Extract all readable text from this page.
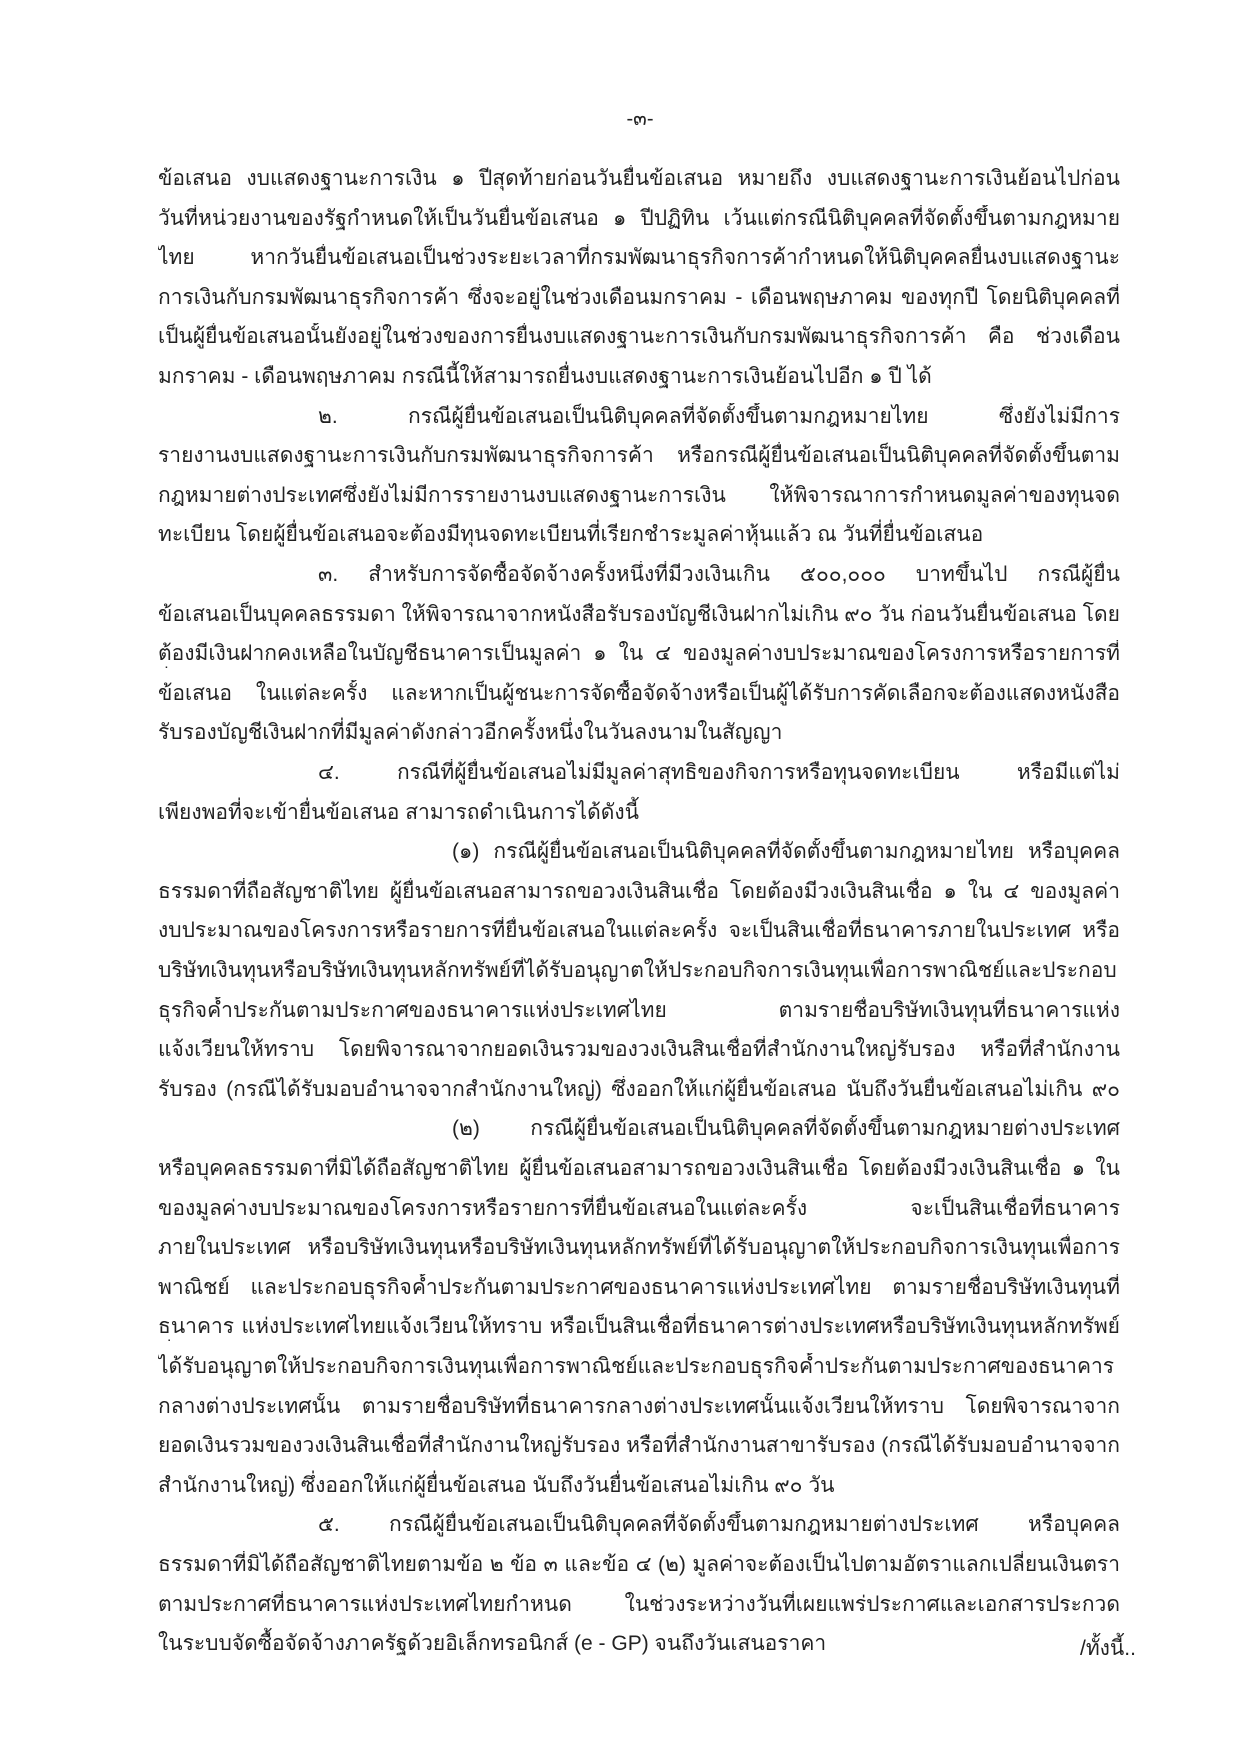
-๓-
ข้อเสนอ งบแสดงฐานะการเงิน ๑ ปีสุดท้ายก่อนวันยื่นข้อเสนอ หมายถึง งบแสดงฐานะการเงินย้อนไปก่อน
วันที่หน่วยงานของรัฐกำหนดให้เป็นวันยื่นข้อเสนอ ๑ ปีปฏิทิน เว้นแต่กรณีนิติบุคคลที่จัดตั้งขึ้นตามกฎหมาย
ไทย หากวันยื่นข้อเสนอเป็นช่วงระยะเวลาที่กรมพัฒนาธุรกิจการค้ากำหนดให้นิติบุคคลยื่นงบแสดงฐานะ
การเงินกับกรมพัฒนาธุรกิจการค้า ซึ่งจะอยู่ในช่วงเดือนมกราคม - เดือนพฤษภาคม ของทุกปี โดยนิติบุคคลที่
เป็นผู้ยื่นข้อเสนอนั้นยังอยู่ในช่วงของการยื่นงบแสดงฐานะการเงินกับกรมพัฒนาธุรกิจการค้า คือ ช่วงเดือน
มกราคม - เดือนพฤษภาคม กรณีนี้ให้สามารถยื่นงบแสดงฐานะการเงินย้อนไปอีก ๑ ปี ได้
๒. กรณีผู้ยื่นข้อเสนอเป็นนิติบุคคลที่จัดตั้งขึ้นตามกฎหมายไทย ซึ่งยังไม่มีการ
รายงานงบแสดงฐานะการเงินกับกรมพัฒนาธุรกิจการค้า หรือกรณีผู้ยื่นข้อเสนอเป็นนิติบุคคลที่จัดตั้งขึ้นตาม
กฎหมายต่างประเทศซึ่งยังไม่มีการรายงานงบแสดงฐานะการเงิน ให้พิจารณาการกำหนดมูลค่าของทุนจด
ทะเบียน โดยผู้ยื่นข้อเสนอจะต้องมีทุนจดทะเบียนที่เรียกชำระมูลค่าหุ้นแล้ว ณ วันที่ยื่นข้อเสนอ
๓. สำหรับการจัดซื้อจัดจ้างครั้งหนึ่งที่มีวงเงินเกิน ๕๐๐,๐๐๐ บาทขึ้นไป กรณีผู้ยื่น
ข้อเสนอเป็นบุคคลธรรมดา ให้พิจารณาจากหนังสือรับรองบัญชีเงินฝากไม่เกิน ๙๐ วัน ก่อนวันยื่นข้อเสนอ โดย
ต้องมีเงินฝากคงเหลือในบัญชีธนาคารเป็นมูลค่า ๑ ใน ๔ ของมูลค่างบประมาณของโครงการหรือรายการที่
ข้อเสนอ ในแต่ละครั้ง และหากเป็นผู้ชนะการจัดซื้อจัดจ้างหรือเป็นผู้ได้รับการคัดเลือกจะต้องแสดงหนังสือ
รับรองบัญชีเงินฝากที่มีมูลค่าดังกล่าวอีกครั้งหนึ่งในวันลงนามในสัญญา
๔. กรณีที่ผู้ยื่นข้อเสนอไม่มีมูลค่าสุทธิของกิจการหรือทุนจดทะเบียน หรือมีแต่ไม่
เพียงพอที่จะเข้ายื่นข้อเสนอ สามารถดำเนินการได้ดังนี้
(๑) กรณีผู้ยื่นข้อเสนอเป็นนิติบุคคลที่จัดตั้งขึ้นตามกฎหมายไทย หรือบุคคล
ธรรมดาที่ถือสัญชาติไทย ผู้ยื่นข้อเสนอสามารถขอวงเงินสินเชื่อ โดยต้องมีวงเงินสินเชื่อ ๑ ใน ๔ ของมูลค่า
งบประมาณของโครงการหรือรายการที่ยื่นข้อเสนอในแต่ละครั้ง จะเป็นสินเชื่อที่ธนาคารภายในประเทศ หรือ
บริษัทเงินทุนหรือบริษัทเงินทุนหลักทรัพย์ที่ได้รับอนุญาตให้ประกอบกิจการเงินทุนเพื่อการพาณิชย์และประกอบ
ธุรกิจค้ำประกันตามประกาศของธนาคารแห่งประเทศไทย ตามรายชื่อบริษัทเงินทุนที่ธนาคารแห่ง
แจ้งเวียนให้ทราบ โดยพิจารณาจากยอดเงินรวมของวงเงินสินเชื่อที่สำนักงานใหญ่รับรอง หรือที่สำนักงาน
รับรอง (กรณีได้รับมอบอำนาจจากสำนักงานใหญ่) ซึ่งออกให้แก่ผู้ยื่นข้อเสนอ นับถึงวันยื่นข้อเสนอไม่เกิน ๙๐
(๒) กรณีผู้ยื่นข้อเสนอเป็นนิติบุคคลที่จัดตั้งขึ้นตามกฎหมายต่างประเทศ
หรือบุคคลธรรมดาที่มิได้ถือสัญชาติไทย ผู้ยื่นข้อเสนอสามารถขอวงเงินสินเชื่อ โดยต้องมีวงเงินสินเชื่อ ๑ ใน
ของมูลค่างบประมาณของโครงการหรือรายการที่ยื่นข้อเสนอในแต่ละครั้ง จะเป็นสินเชื่อที่ธนาคาร
ภายในประเทศ หรือบริษัทเงินทุนหรือบริษัทเงินทุนหลักทรัพย์ที่ได้รับอนุญาตให้ประกอบกิจการเงินทุนเพื่อการ
พาณิชย์ และประกอบธุรกิจค้ำประกันตามประกาศของธนาคารแห่งประเทศไทย ตามรายชื่อบริษัทเงินทุนที่
ธนาคาร แห่งประเทศไทยแจ้งเวียนให้ทราบ หรือเป็นสินเชื่อที่ธนาคารต่างประเทศหรือบริษัทเงินทุนหลักทรัพย์
ได้รับอนุญาตให้ประกอบกิจการเงินทุนเพื่อการพาณิชย์และประกอบธุรกิจค้ำประกันตามประกาศของธนาคาร
กลางต่างประเทศนั้น ตามรายชื่อบริษัทที่ธนาคารกลางต่างประเทศนั้นแจ้งเวียนให้ทราบ โดยพิจารณาจาก
ยอดเงินรวมของวงเงินสินเชื่อที่สำนักงานใหญ่รับรอง หรือที่สำนักงานสาขารับรอง (กรณีได้รับมอบอำนาจจาก
สำนักงานใหญ่) ซึ่งออกให้แก่ผู้ยื่นข้อเสนอ นับถึงวันยื่นข้อเสนอไม่เกิน ๙๐ วัน
๕. กรณีผู้ยื่นข้อเสนอเป็นนิติบุคคลที่จัดตั้งขึ้นตามกฎหมายต่างประเทศ หรือบุคคล
ธรรมดาที่มิได้ถือสัญชาติไทยตามข้อ ๒ ข้อ ๓ และข้อ ๔ (๒) มูลค่าจะต้องเป็นไปตามอัตราแลกเปลี่ยนเงินตรา
ตามประกาศที่ธนาคารแห่งประเทศไทยกำหนด ในช่วงระหว่างวันที่เผยแพร่ประกาศและเอกสารประกวด
ในระบบจัดซื้อจัดจ้างภาครัฐด้วยอิเล็กทรอนิกส์ (e - GP) จนถึงวันเสนอราคา	/ทั้งนี้..
